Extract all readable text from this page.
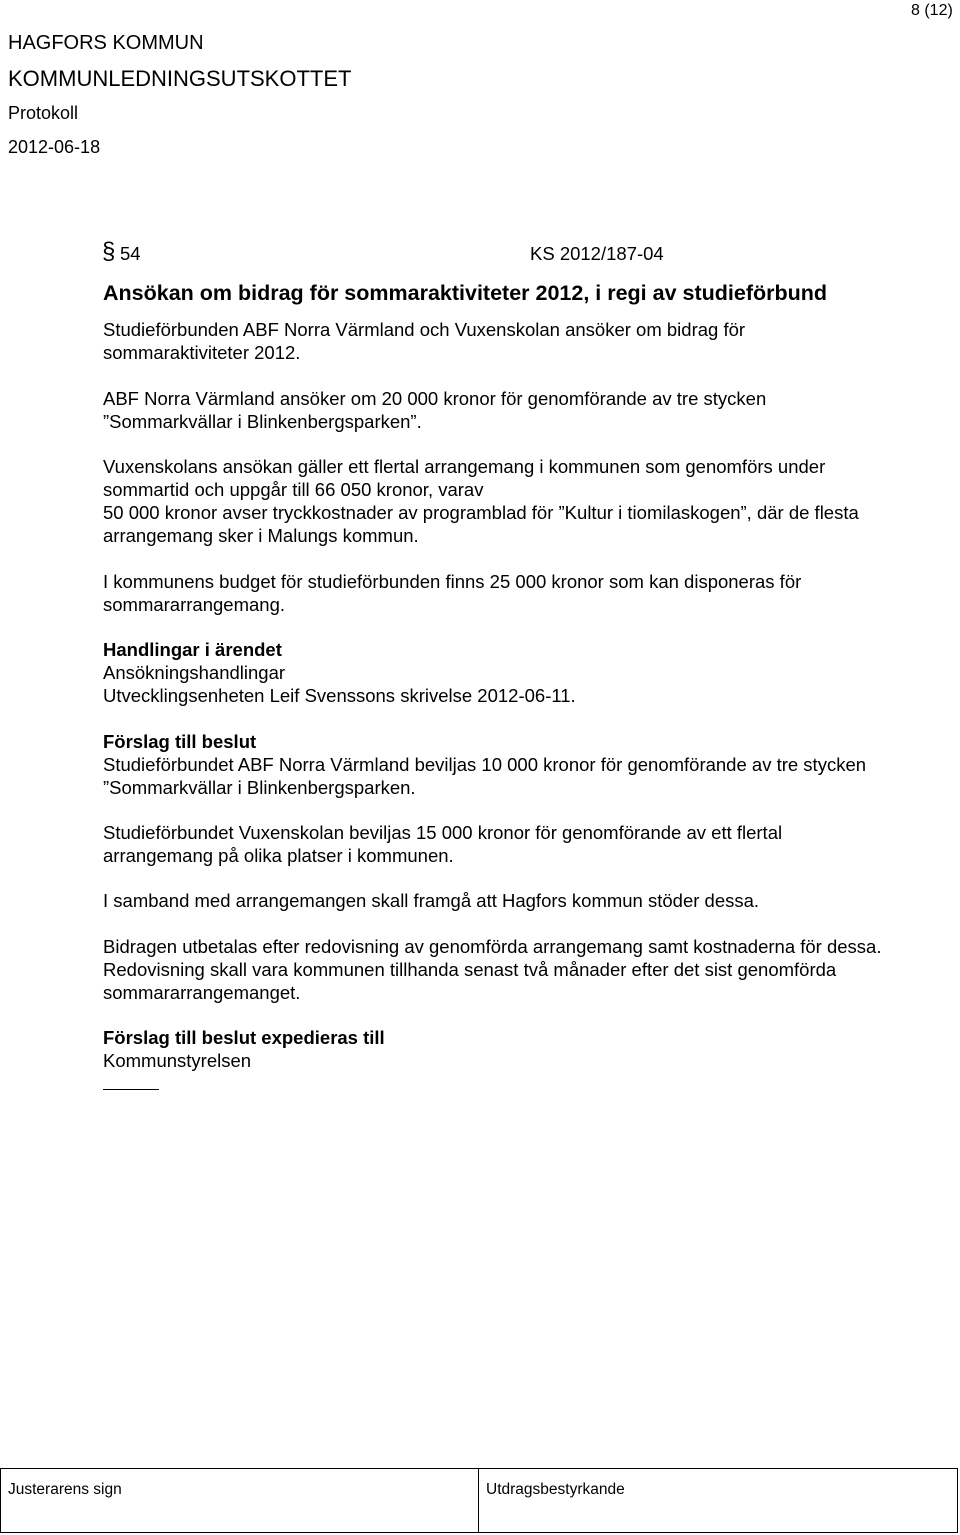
8 (12)
HAGFORS KOMMUN
KOMMUNLEDNINGSUTSKOTTET
Protokoll
2012-06-18
§ 54	KS 2012/187-04
Ansökan om bidrag för sommaraktiviteter 2012, i regi av studieförbund
Studieförbunden ABF Norra Värmland och Vuxenskolan ansöker om bidrag för
sommaraktiviteter 2012.
ABF Norra Värmland ansöker om 20 000 kronor för genomförande av tre stycken
”Sommarkvällar i Blinkenbergsparken”.
Vuxenskolans ansökan gäller ett flertal arrangemang i kommunen som genomförs under
sommartid och uppgår till 66 050 kronor, varav
50 000 kronor avser tryckkostnader av programblad för ”Kultur i tiomilaskogen”, där de flesta
arrangemang sker i Malungs kommun.
I kommunens budget för studieförbunden finns 25 000 kronor som kan disponeras för
sommararrangemang.
Handlingar i ärendet
Ansökningshandlingar
Utvecklingsenheten Leif Svenssons skrivelse 2012-06-11.
Förslag till beslut
Studieförbundet ABF Norra Värmland beviljas 10 000 kronor för genomförande av tre stycken
”Sommarkvällar i Blinkenbergsparken.
Studieförbundet Vuxenskolan beviljas 15 000 kronor för genomförande av ett flertal
arrangemang på olika platser i kommunen.
I samband med arrangemangen skall framgå att Hagfors kommun stöder dessa.
Bidragen utbetalas efter redovisning av genomförda arrangemang samt kostnaderna för dessa.
Redovisning skall vara kommunen tillhanda senast två månader efter det sist genomförda
sommararrangemanget.
Förslag till beslut expedieras till
Kommunstyrelsen
Justerarens sign	Utdragsbestyrkande
